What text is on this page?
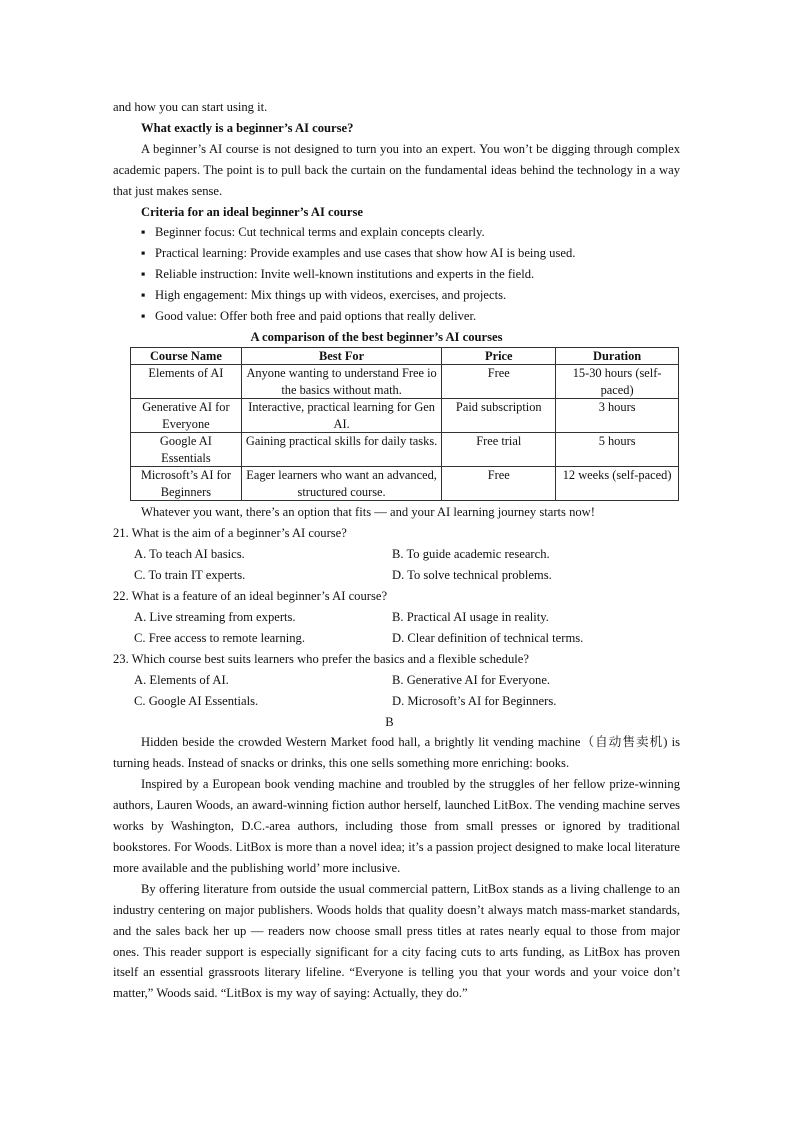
and how you can start using it.

What exactly is a beginner’s AI course?

A beginner’s AI course is not designed to turn you into an expert. You won’t be digging through complex academic papers. The point is to pull back the curtain on the fundamental ideas behind the technology in a way that just makes sense.

Criteria for an ideal beginner’s AI course

▪ Beginner focus: Cut technical terms and explain concepts clearly.

▪ Practical learning: Provide examples and use cases that show how AI is being used.

▪ Reliable instruction: Invite well-known institutions and experts in the field.

▪ High engagement: Mix things up with videos, exercises, and projects.

▪ Good value: Offer both free and paid options that really deliver.

A comparison of the best beginner’s AI courses

Course Name	Best For	Price	Duration
Elements of AI	Anyone wanting to understand Free io the basics without math.	Free	15-30 hours (self-paced)
Generative AI for Everyone	Interactive, practical learning for Gen AI.	Paid subscription	3 hours
Google AI Essentials	Gaining practical skills for daily tasks.	Free trial	5 hours
Microsoft’s AI for Beginners	Eager learners who want an advanced, structured course.	Free	12 weeks (self-paced)

Whatever you want, there’s an option that fits — and your AI learning journey starts now!

21. What is the aim of a beginner’s AI course?

A. To teach AI basics.	B. To guide academic research.
C. To train IT experts.	D. To solve technical problems.

22. What is a feature of an ideal beginner’s AI course?

A. Live streaming from experts.	B. Practical AI usage in reality.
C. Free access to remote learning.	D. Clear definition of technical terms.

23. Which course best suits learners who prefer the basics and a flexible schedule?

A. Elements of AI.	B. Generative AI for Everyone.
C. Google AI Essentials.	D. Microsoft’s AI for Beginners.

B

Hidden beside the crowded Western Market food hall, a brightly lit vending machine（自动售卖机) is turning heads. Instead of snacks or drinks, this one sells something more enriching: books.

Inspired by a European book vending machine and troubled by the struggles of her fellow prize-winning authors, Lauren Woods, an award-winning fiction author herself, launched LitBox. The vending machine serves works by Washington, D.C.-area authors, including those from small presses or ignored by traditional bookstores. For Woods. LitBox is more than a novel idea; it’s a passion project designed to make local literature more available and the publishing world’ more inclusive.

By offering literature from outside the usual commercial pattern, LitBox stands as a living challenge to an industry centering on major publishers. Woods holds that quality doesn’t always match mass-market standards, and the sales back her up — readers now choose small press titles at rates nearly equal to those from major ones. This reader support is especially significant for a city facing cuts to arts funding, as LitBox has proven itself an essential grassroots literary lifeline. “Everyone is telling you that your words and your voice don’t matter,” Woods said. “LitBox is my way of saying: Actually, they do.”
